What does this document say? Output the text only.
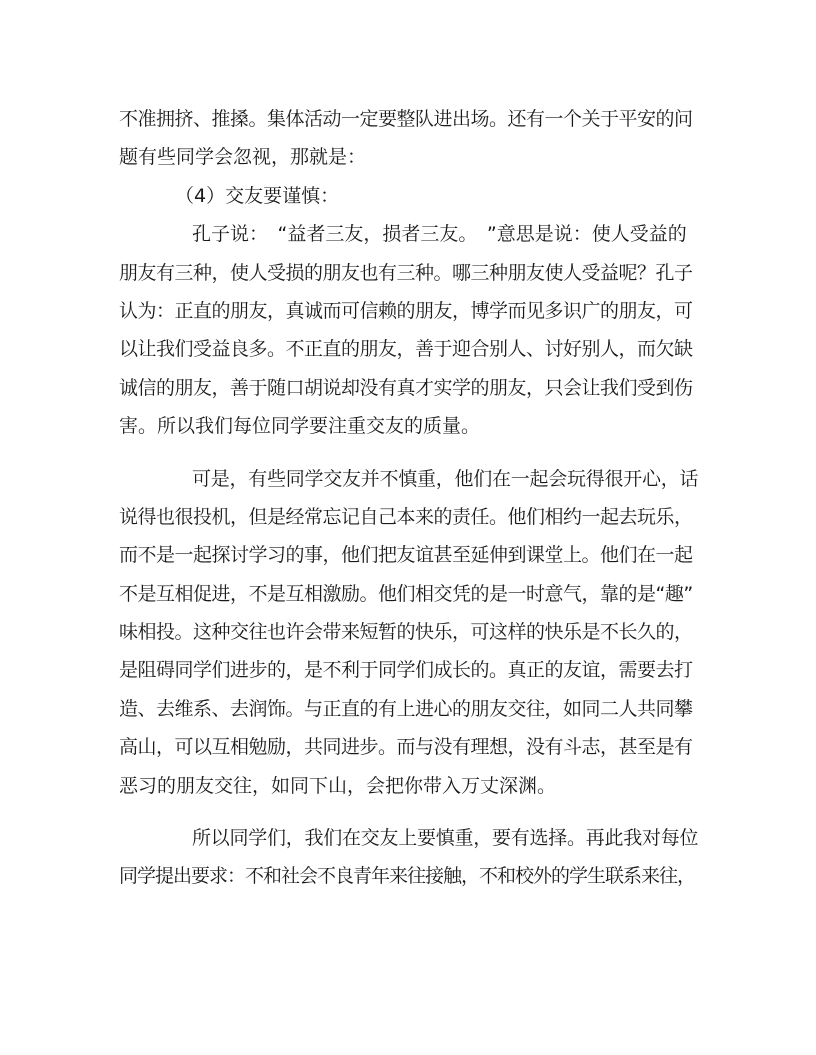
不准拥挤、推搡。集体活动一定要整队进出场。还有一个关于平安的问
题有些同学会忽视，那就是：
（4）交友要谨慎：
孔子说：　“益者三友，损者三友。　”意思是说：使人受益的
朋友有三种，使人受损的朋友也有三种。哪三种朋友使人受益呢？孔子
认为：正直的朋友，真诚而可信赖的朋友，博学而见多识广的朋友，可
以让我们受益良多。不正直的朋友，善于迎合别人、讨好别人，而欠缺
诚信的朋友，善于随口胡说却没有真才实学的朋友，只会让我们受到伤
害。所以我们每位同学要注重交友的质量。
可是，有些同学交友并不慎重，他们在一起会玩得很开心，话
说得也很投机，但是经常忘记自己本来的责任。他们相约一起去玩乐，
而不是一起探讨学习的事，他们把友谊甚至延伸到课堂上。他们在一起
不是互相促进，不是互相激励。他们相交凭的是一时意气，靠的是“趣”
味相投。这种交往也许会带来短暂的快乐，可这样的快乐是不长久的，
是阻碍同学们进步的，是不利于同学们成长的。真正的友谊，需要去打
造、去维系、去润饰。与正直的有上进心的朋友交往，如同二人共同攀
高山，可以互相勉励，共同进步。而与没有理想，没有斗志，甚至是有
恶习的朋友交往，如同下山，会把你带入万丈深渊。
所以同学们，我们在交友上要慎重，要有选择。再此我对每位
同学提出要求：不和社会不良青年来往接触，不和校外的学生联系来往，
